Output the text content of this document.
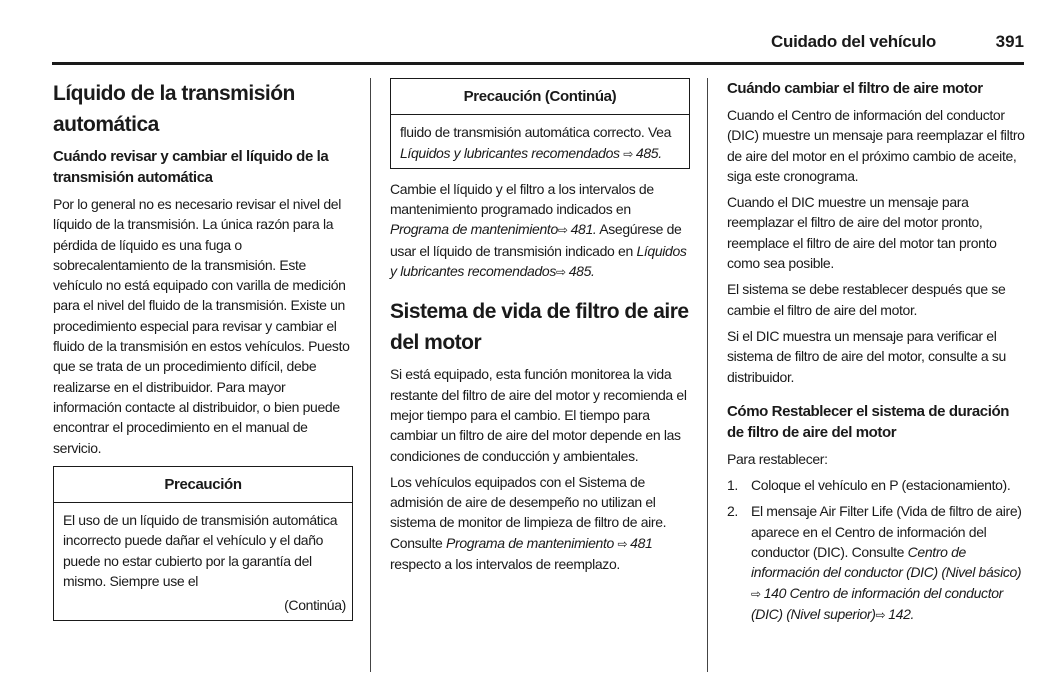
Cuidado del vehículo	391
Líquido de la transmisión automática
Cuándo revisar y cambiar el líquido de la transmisión automática

Por lo general no es necesario revisar el nivel del líquido de la transmisión. La única razón para la pérdida de líquido es una fuga o sobrecalentamiento de la transmisión. Este vehículo no está equipado con varilla de medición para el nivel del fluido de la transmisión. Existe un procedimiento especial para revisar y cambiar el fluido de la transmisión en estos vehículos. Puesto que se trata de un procedimiento difícil, debe realizarse en el distribuidor. Para mayor información contacte al distribuidor, o bien puede encontrar el procedimiento en el manual de servicio.

Precaución
El uso de un líquido de transmisión automática incorrecto puede dañar el vehículo y el daño puede no estar cubierto por la garantía del mismo. Siempre use el
(Continúa)
Precaución (Continúa)
fluido de transmisión automática correcto. Vea Líquidos y lubricantes recomendados ⇨ 485.

Cambie el líquido y el filtro a los intervalos de mantenimiento programado indicados en Programa de mantenimiento ⇨ 481. Asegúrese de usar el líquido de transmisión indicado en Líquidos y lubricantes recomendados ⇨ 485.

Sistema de vida de filtro de aire del motor

Si está equipado, esta función monitorea la vida restante del filtro de aire del motor y recomienda el mejor tiempo para el cambio. El tiempo para cambiar un filtro de aire del motor depende en las condiciones de conducción y ambientales.

Los vehículos equipados con el Sistema de admisión de aire de desempeño no utilizan el sistema de monitor de limpieza de filtro de aire. Consulte Programa de mantenimiento ⇨ 481 respecto a los intervalos de reemplazo.

Cuándo cambiar el filtro de aire motor

Cuando el Centro de información del conductor (DIC) muestre un mensaje para reemplazar el filtro de aire del motor en el próximo cambio de aceite, siga este cronograma.

Cuando el DIC muestre un mensaje para reemplazar el filtro de aire del motor pronto, reemplace el filtro de aire del motor tan pronto como sea posible.

El sistema se debe restablecer después que se cambie el filtro de aire del motor.

Si el DIC muestra un mensaje para verificar el sistema de filtro de aire del motor, consulte a su distribuidor.

Cómo Restablecer el sistema de duración de filtro de aire del motor

Para restablecer:

1. Coloque el vehículo en P (estacionamiento).
2. El mensaje Air Filter Life (Vida de filtro de aire) aparece en el Centro de información del conductor (DIC). Consulte Centro de información del conductor (DIC) (Nivel básico) ⇨ 140 Centro de información del conductor (DIC) (Nivel superior) ⇨ 142.
